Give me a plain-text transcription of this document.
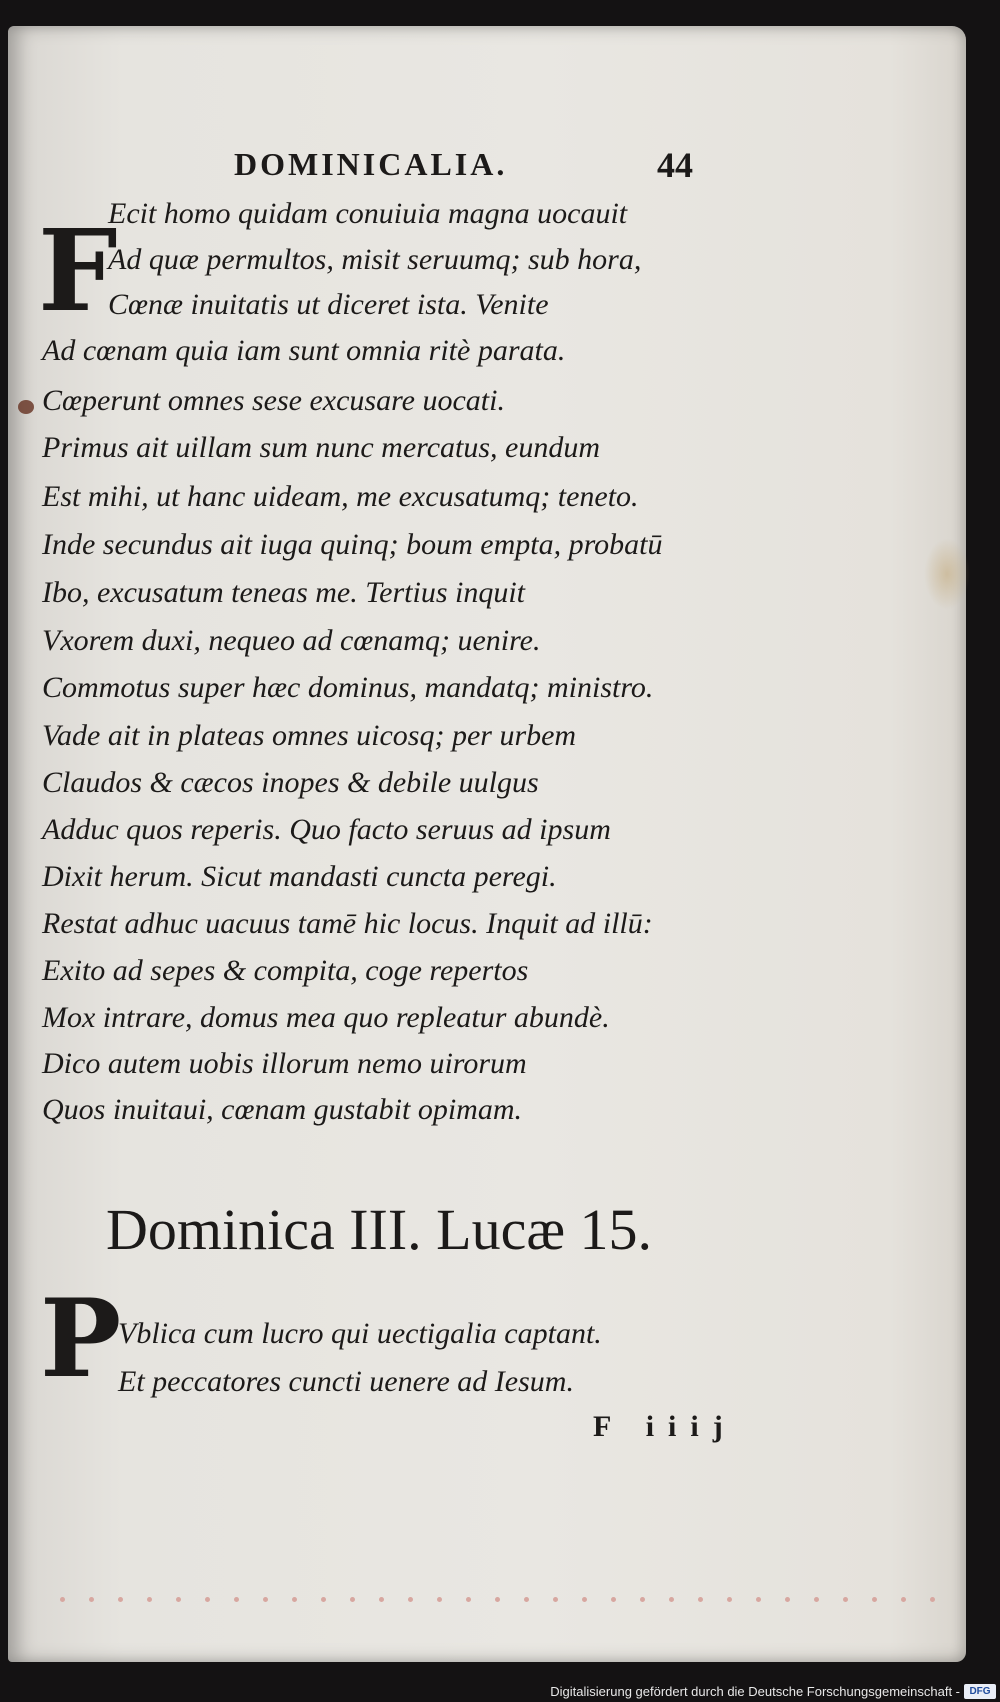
DOMINICALIA.	44
F
Ecit homo quidam conuiuia magna uocauit
Ad quæ permultos, misit seruumq; sub hora,
Cœnæ inuitatis ut diceret ista. Venite
Ad cœnam quia iam sunt omnia ritè parata.
Cœperunt omnes sese excusare uocati.
Primus ait uillam sum nunc mercatus, eundum
Est mihi, ut hanc uideam, me excusatumq; teneto.
Inde secundus ait iuga quinq; boum empta, probatū
Ibo, excusatum teneas me. Tertius inquit
Vxorem duxi, nequeo ad cœnamq; uenire.
Commotus super hæc dominus, mandatq; ministro.
Vade ait in plateas omnes uicosq; per urbem
Claudos & cæcos inopes & debile uulgus
Adduc quos reperis. Quo facto seruus ad ipsum
Dixit herum. Sicut mandasti cuncta peregi.
Restat adhuc uacuus tamē hic locus. Inquit ad illū:
Exito ad sepes & compita, coge repertos
Mox intrare, domus mea quo repleatur abundè.
Dico autem uobis illorum nemo uirorum
Quos inuitaui, cœnam gustabit opimam.
Dominica III. Lucæ 15.
P
Vblica cum lucro qui uectigalia captant.
Et peccatores cuncti uenere ad Iesum.
F iiij
Digitalisierung gefördert durch die Deutsche Forschungsgemeinschaft - DFG
